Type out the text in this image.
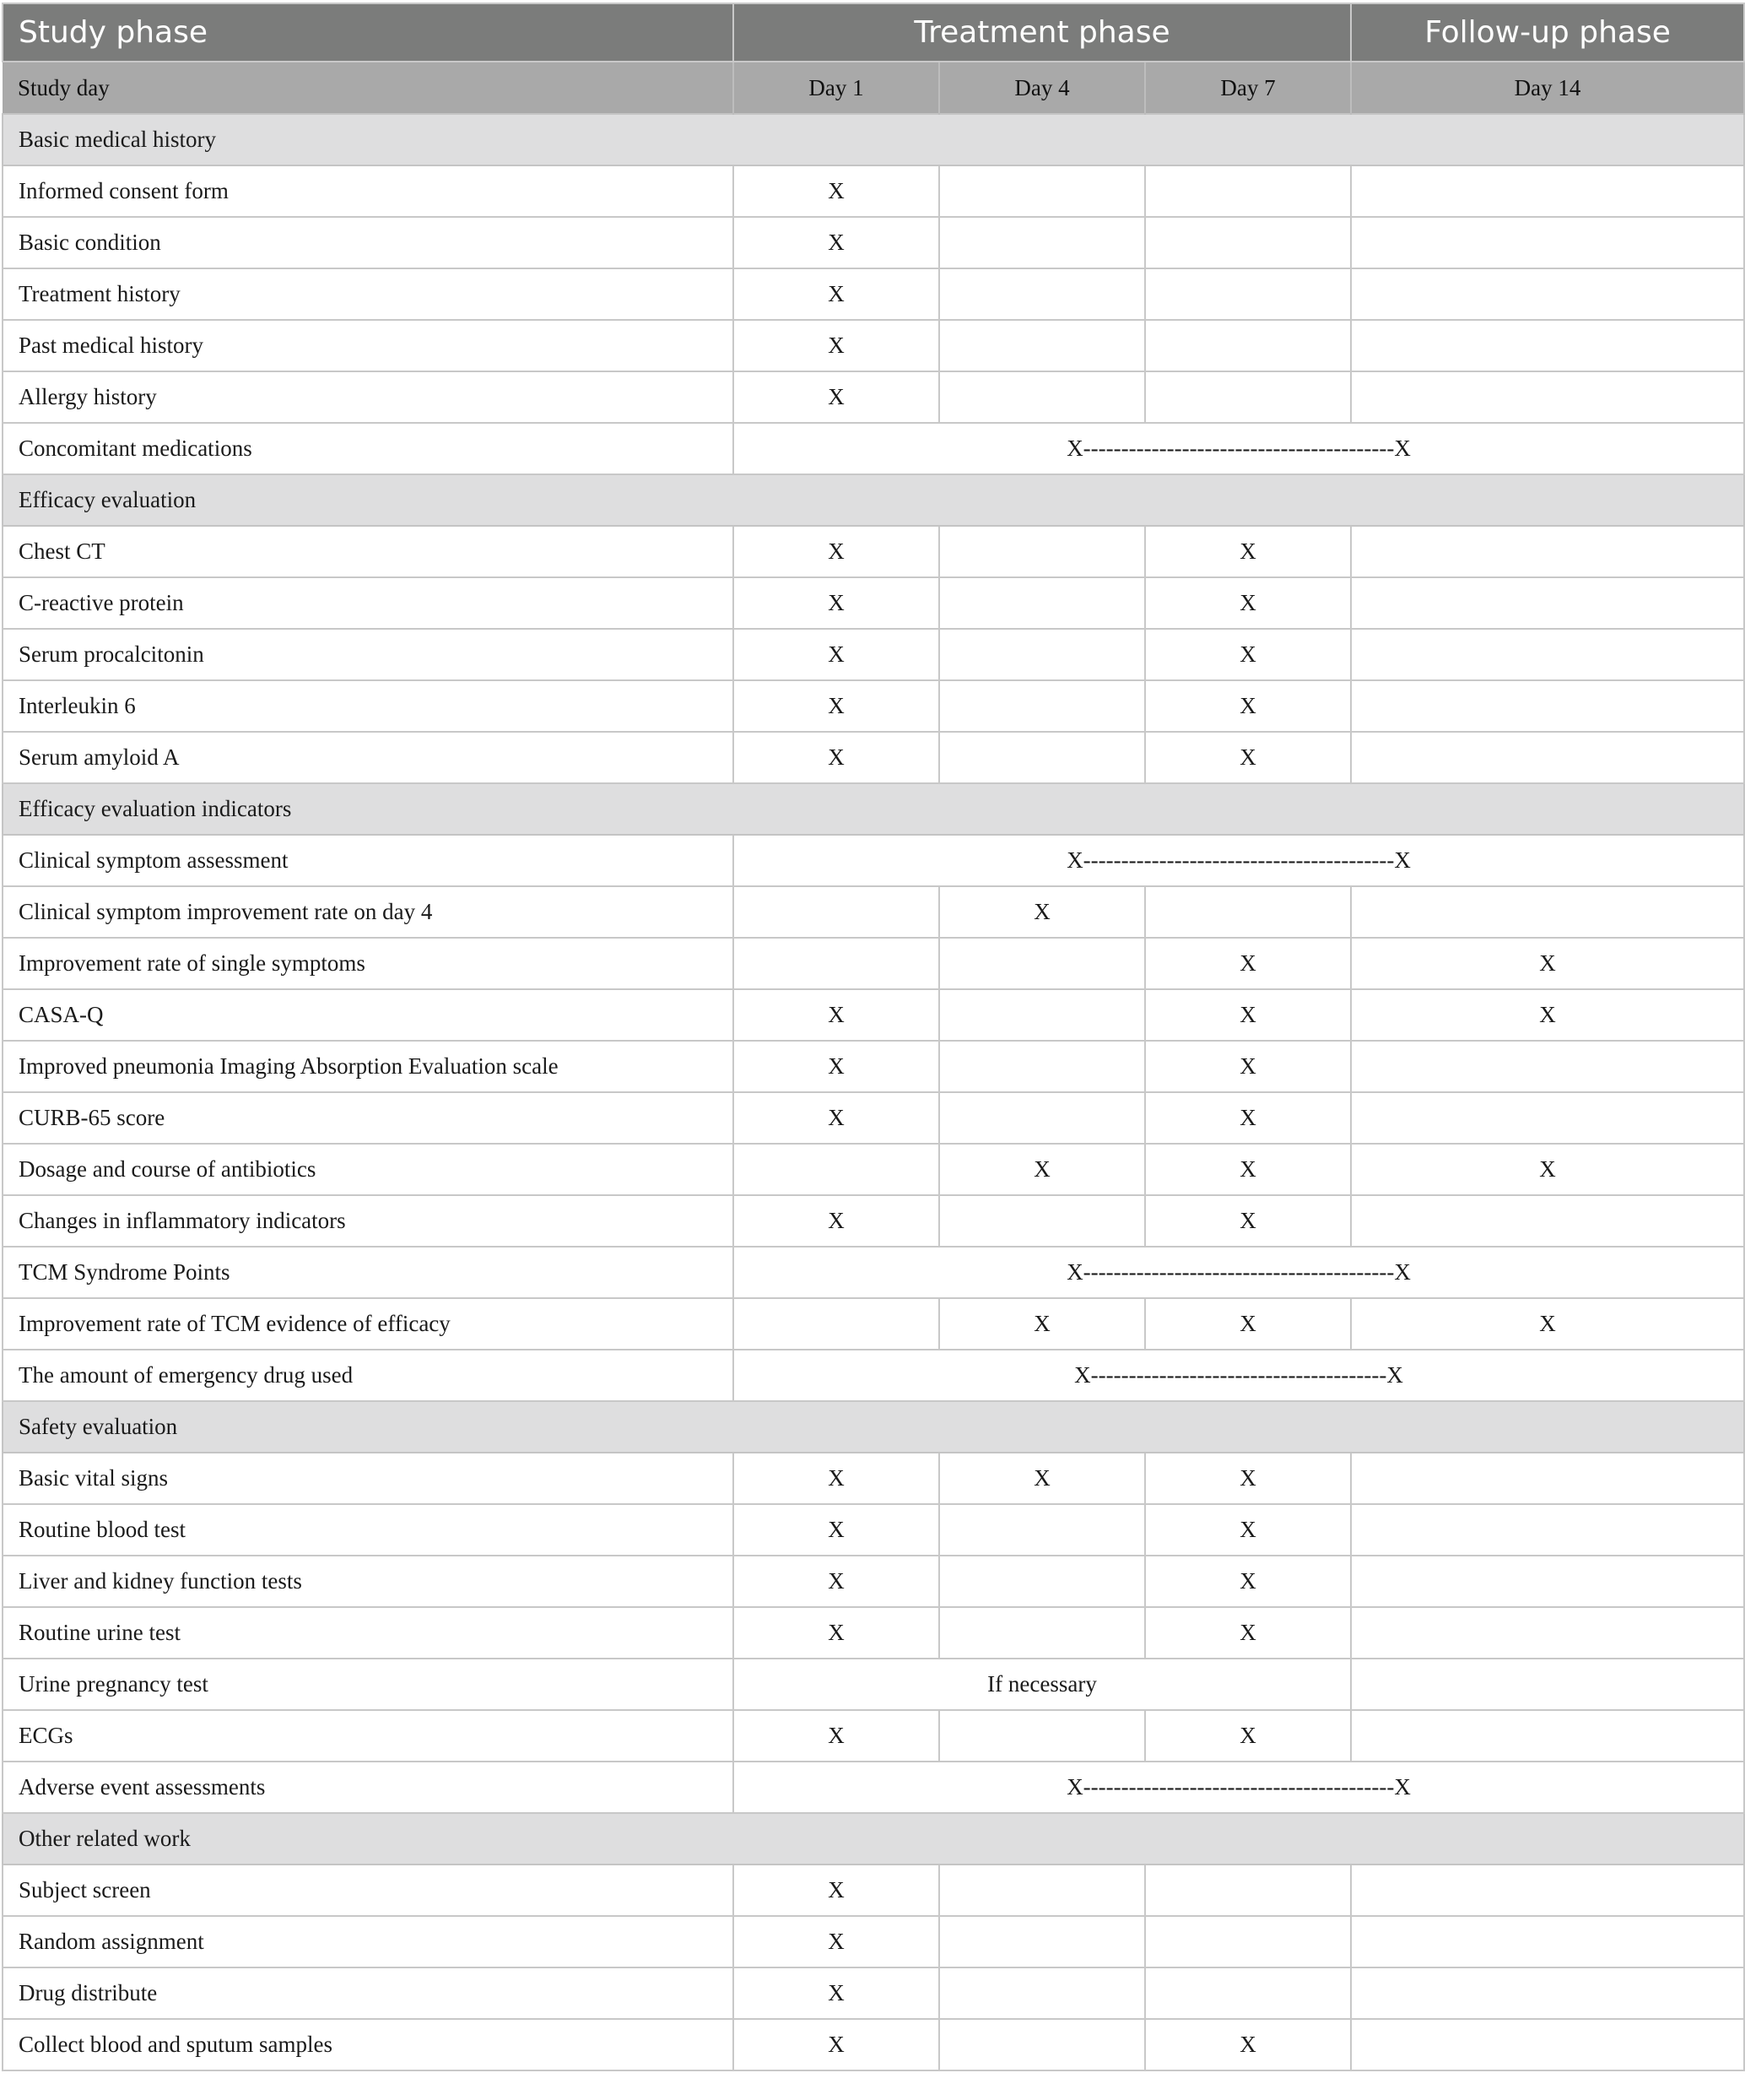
Study phase	Treatment phase			Follow-up phase
Study day	Day 1	Day 4	Day 7	Day 14
Basic medical history				
Informed consent form	X			
Basic condition	X			
Treatment history	X			
Past medical history	X			
Allergy history	X			
Concomitant medications	X-----------------------------------------X			
Efficacy evaluation				
Chest CT	X		X	
C-reactive protein	X		X	
Serum procalcitonin	X		X	
Interleukin 6	X		X	
Serum amyloid A	X		X	
Efficacy evaluation indicators				
Clinical symptom assessment	X-----------------------------------------X			
Clinical symptom improvement rate on day 4		X		
Improvement rate of single symptoms			X	X
CASA-Q	X		X	X
Improved pneumonia Imaging Absorption Evaluation scale	X		X	
CURB-65 score	X		X	
Dosage and course of antibiotics		X	X	X
Changes in inflammatory indicators	X		X	
TCM Syndrome Points	X-----------------------------------------X			
Improvement rate of TCM evidence of efficacy		X	X	X
The amount of emergency drug used	X---------------------------------------X			
Safety evaluation				
Basic vital signs	X	X	X	
Routine blood test	X		X	
Liver and kidney function tests	X		X	
Routine urine test	X		X	
Urine pregnancy test	If necessary			
ECGs	X		X	
Adverse event assessments	X-----------------------------------------X			
Other related work				
Subject screen	X			
Random assignment	X			
Drug distribute	X			
Collect blood and sputum samples	X		X	
